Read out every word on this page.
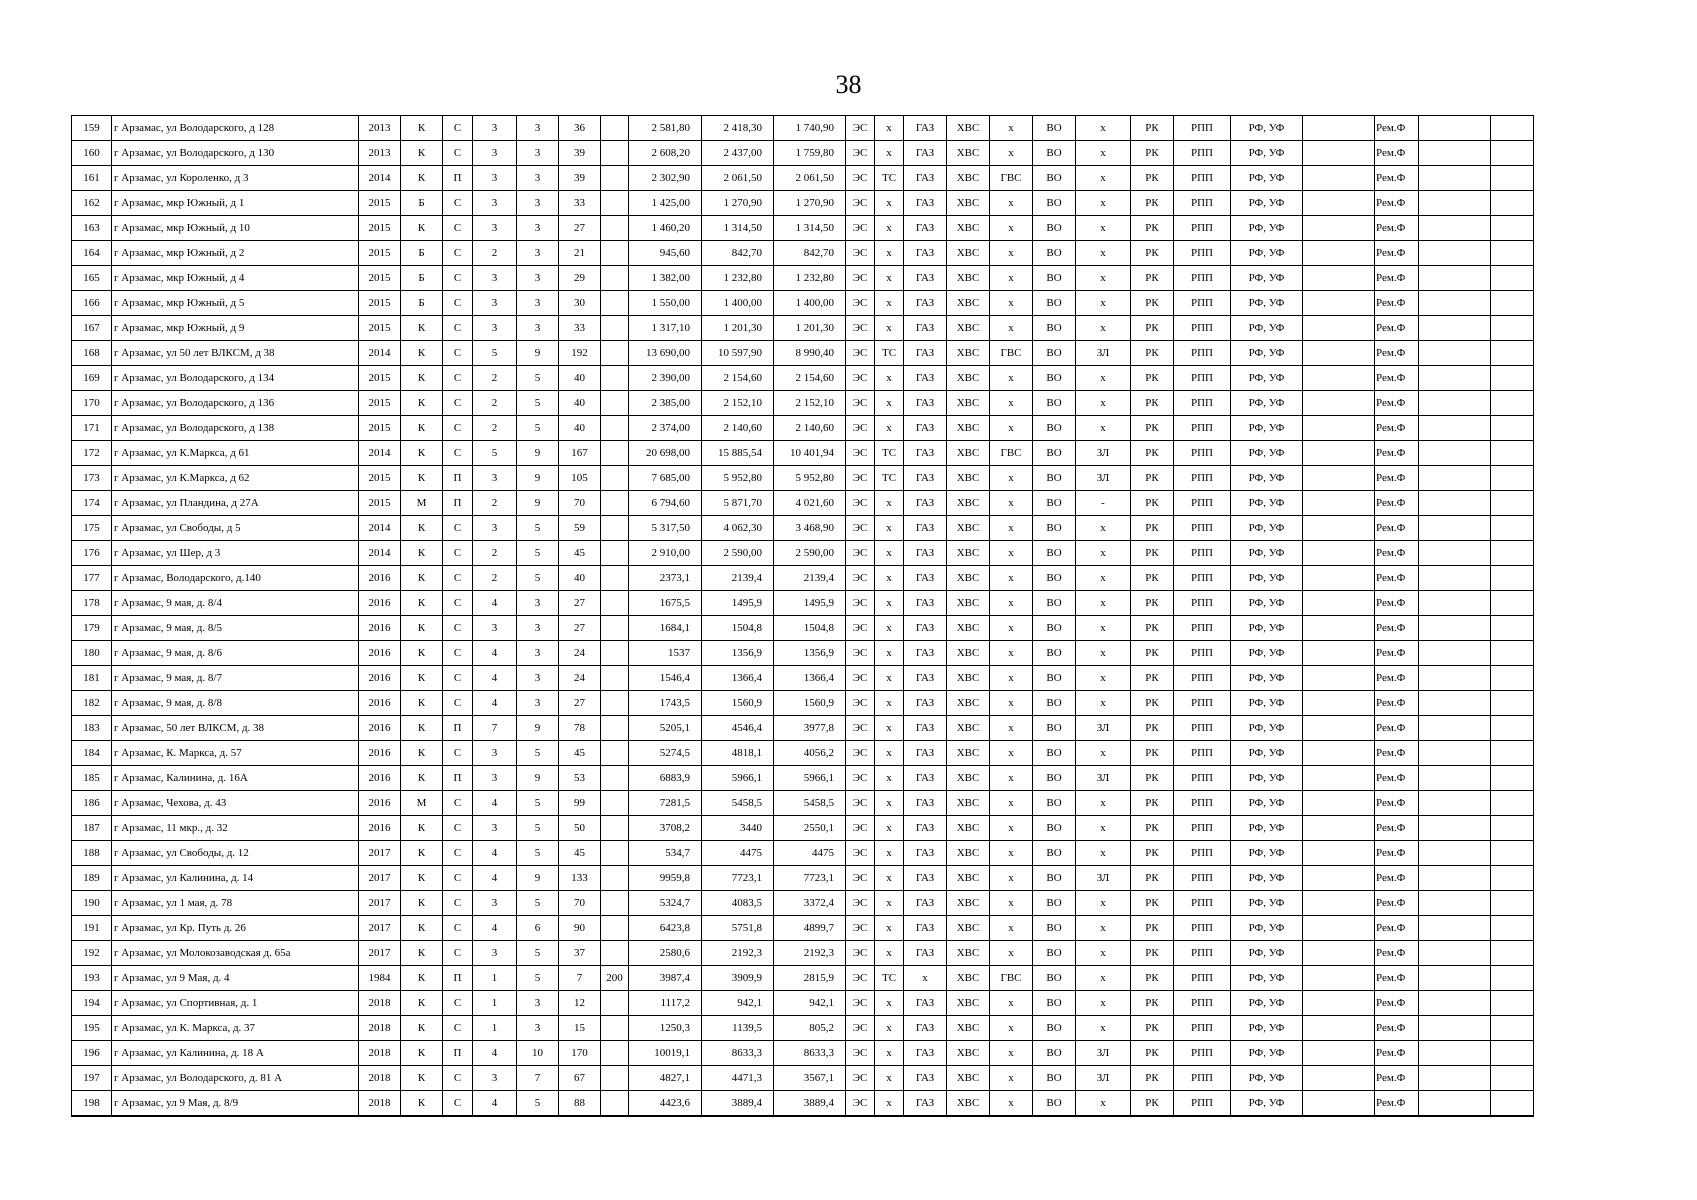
38
159	г Арзамас, ул Володарского, д 128	2013	К	С	3	3	36		2 581,80	2 418,30	1 740,90	ЭС	х	ГАЗ	ХВС	х	ВО	х	РК	РПП	РФ, УФ		Рем.Ф		
160	г Арзамас, ул Володарского, д 130	2013	К	С	3	3	39		2 608,20	2 437,00	1 759,80	ЭС	х	ГАЗ	ХВС	х	ВО	х	РК	РПП	РФ, УФ		Рем.Ф		
161	г Арзамас, ул Короленко, д 3	2014	К	П	3	3	39		2 302,90	2 061,50	2 061,50	ЭС	ТС	ГАЗ	ХВС	ГВС	ВО	х	РК	РПП	РФ, УФ		Рем.Ф		
162	г Арзамас, мкр Южный, д 1	2015	Б	С	3	3	33		1 425,00	1 270,90	1 270,90	ЭС	х	ГАЗ	ХВС	х	ВО	х	РК	РПП	РФ, УФ		Рем.Ф		
163	г Арзамас, мкр Южный, д 10	2015	К	С	3	3	27		1 460,20	1 314,50	1 314,50	ЭС	х	ГАЗ	ХВС	х	ВО	х	РК	РПП	РФ, УФ		Рем.Ф		
164	г Арзамас, мкр Южный, д 2	2015	Б	С	2	3	21		945,60	842,70	842,70	ЭС	х	ГАЗ	ХВС	х	ВО	х	РК	РПП	РФ, УФ		Рем.Ф		
165	г Арзамас, мкр Южный, д 4	2015	Б	С	3	3	29		1 382,00	1 232,80	1 232,80	ЭС	х	ГАЗ	ХВС	х	ВО	х	РК	РПП	РФ, УФ		Рем.Ф		
166	г Арзамас, мкр Южный, д 5	2015	Б	С	3	3	30		1 550,00	1 400,00	1 400,00	ЭС	х	ГАЗ	ХВС	х	ВО	х	РК	РПП	РФ, УФ		Рем.Ф		
167	г Арзамас, мкр Южный, д 9	2015	К	С	3	3	33		1 317,10	1 201,30	1 201,30	ЭС	х	ГАЗ	ХВС	х	ВО	х	РК	РПП	РФ, УФ		Рем.Ф		
168	г Арзамас, ул 50 лет ВЛКСМ, д 38	2014	К	С	5	9	192		13 690,00	10 597,90	8 990,40	ЭС	ТС	ГАЗ	ХВС	ГВС	ВО	ЗЛ	РК	РПП	РФ, УФ		Рем.Ф		
169	г Арзамас, ул Володарского, д 134	2015	К	С	2	5	40		2 390,00	2 154,60	2 154,60	ЭС	х	ГАЗ	ХВС	х	ВО	х	РК	РПП	РФ, УФ		Рем.Ф		
170	г Арзамас, ул Володарского, д 136	2015	К	С	2	5	40		2 385,00	2 152,10	2 152,10	ЭС	х	ГАЗ	ХВС	х	ВО	х	РК	РПП	РФ, УФ		Рем.Ф		
171	г Арзамас, ул Володарского, д 138	2015	К	С	2	5	40		2 374,00	2 140,60	2 140,60	ЭС	х	ГАЗ	ХВС	х	ВО	х	РК	РПП	РФ, УФ		Рем.Ф		
172	г Арзамас, ул К.Маркса, д 61	2014	К	С	5	9	167		20 698,00	15 885,54	10 401,94	ЭС	ТС	ГАЗ	ХВС	ГВС	ВО	ЗЛ	РК	РПП	РФ, УФ		Рем.Ф		
173	г Арзамас, ул К.Маркса, д 62	2015	К	П	3	9	105		7 685,00	5 952,80	5 952,80	ЭС	ТС	ГАЗ	ХВС	х	ВО	ЗЛ	РК	РПП	РФ, УФ		Рем.Ф		
174	г Арзамас, ул Пландина, д 27А	2015	М	П	2	9	70		6 794,60	5 871,70	4 021,60	ЭС	х	ГАЗ	ХВС	х	ВО	-	РК	РПП	РФ, УФ		Рем.Ф		
175	г Арзамас, ул Свободы, д 5	2014	К	С	3	5	59		5 317,50	4 062,30	3 468,90	ЭС	х	ГАЗ	ХВС	х	ВО	х	РК	РПП	РФ, УФ		Рем.Ф		
176	г Арзамас, ул Шер, д 3	2014	К	С	2	5	45		2 910,00	2 590,00	2 590,00	ЭС	х	ГАЗ	ХВС	х	ВО	х	РК	РПП	РФ, УФ		Рем.Ф		
177	г Арзамас, Володарского, д.140	2016	К	С	2	5	40		2373,1	2139,4	2139,4	ЭС	х	ГАЗ	ХВС	х	ВО	х	РК	РПП	РФ, УФ		Рем.Ф		
178	г Арзамас, 9 мая, д. 8/4	2016	К	С	4	3	27		1675,5	1495,9	1495,9	ЭС	х	ГАЗ	ХВС	х	ВО	х	РК	РПП	РФ, УФ		Рем.Ф		
179	г Арзамас, 9 мая, д. 8/5	2016	К	С	3	3	27		1684,1	1504,8	1504,8	ЭС	х	ГАЗ	ХВС	х	ВО	х	РК	РПП	РФ, УФ		Рем.Ф		
180	г Арзамас, 9 мая, д. 8/6	2016	К	С	4	3	24		1537	1356,9	1356,9	ЭС	х	ГАЗ	ХВС	х	ВО	х	РК	РПП	РФ, УФ		Рем.Ф		
181	г Арзамас, 9 мая, д. 8/7	2016	К	С	4	3	24		1546,4	1366,4	1366,4	ЭС	х	ГАЗ	ХВС	х	ВО	х	РК	РПП	РФ, УФ		Рем.Ф		
182	г Арзамас, 9 мая, д. 8/8	2016	К	С	4	3	27		1743,5	1560,9	1560,9	ЭС	х	ГАЗ	ХВС	х	ВО	х	РК	РПП	РФ, УФ		Рем.Ф		
183	г Арзамас, 50 лет ВЛКСМ, д. 38	2016	К	П	7	9	78		5205,1	4546,4	3977,8	ЭС	х	ГАЗ	ХВС	х	ВО	ЗЛ	РК	РПП	РФ, УФ		Рем.Ф		
184	г Арзамас, К. Маркса, д. 57	2016	К	С	3	5	45		5274,5	4818,1	4056,2	ЭС	х	ГАЗ	ХВС	х	ВО	х	РК	РПП	РФ, УФ		Рем.Ф		
185	г Арзамас, Калинина, д. 16А	2016	К	П	3	9	53		6883,9	5966,1	5966,1	ЭС	х	ГАЗ	ХВС	х	ВО	ЗЛ	РК	РПП	РФ, УФ		Рем.Ф		
186	г Арзамас, Чехова, д. 43	2016	М	С	4	5	99		7281,5	5458,5	5458,5	ЭС	х	ГАЗ	ХВС	х	ВО	х	РК	РПП	РФ, УФ		Рем.Ф		
187	г Арзамас, 11 мкр., д. 32	2016	К	С	3	5	50		3708,2	3440	2550,1	ЭС	х	ГАЗ	ХВС	х	ВО	х	РК	РПП	РФ, УФ		Рем.Ф		
188	г Арзамас, ул Свободы, д. 12	2017	К	С	4	5	45		534,7	4475	4475	ЭС	х	ГАЗ	ХВС	х	ВО	х	РК	РПП	РФ, УФ		Рем.Ф		
189	г Арзамас, ул Калинина, д. 14	2017	К	С	4	9	133		9959,8	7723,1	7723,1	ЭС	х	ГАЗ	ХВС	х	ВО	ЗЛ	РК	РПП	РФ, УФ		Рем.Ф		
190	г Арзамас, ул 1 мая, д. 78	2017	К	С	3	5	70		5324,7	4083,5	3372,4	ЭС	х	ГАЗ	ХВС	х	ВО	х	РК	РПП	РФ, УФ		Рем.Ф		
191	г Арзамас, ул Кр. Путь д. 26	2017	К	С	4	6	90		6423,8	5751,8	4899,7	ЭС	х	ГАЗ	ХВС	х	ВО	х	РК	РПП	РФ, УФ		Рем.Ф		
192	г Арзамас, ул Молокозаводская д. 65а	2017	К	С	3	5	37		2580,6	2192,3	2192,3	ЭС	х	ГАЗ	ХВС	х	ВО	х	РК	РПП	РФ, УФ		Рем.Ф		
193	г Арзамас, ул 9 Мая, д. 4	1984	К	П	1	5	7	200	3987,4	3909,9	2815,9	ЭС	ТС	х	ХВС	ГВС	ВО	х	РК	РПП	РФ, УФ		Рем.Ф		
194	г Арзамас, ул Спортивная, д. 1	2018	К	С	1	3	12		1117,2	942,1	942,1	ЭС	х	ГАЗ	ХВС	х	ВО	х	РК	РПП	РФ, УФ		Рем.Ф		
195	г Арзамас, ул К. Маркса, д. 37	2018	К	С	1	3	15		1250,3	1139,5	805,2	ЭС	х	ГАЗ	ХВС	х	ВО	х	РК	РПП	РФ, УФ		Рем.Ф		
196	г Арзамас, ул Калинина, д. 18 А	2018	К	П	4	10	170		10019,1	8633,3	8633,3	ЭС	х	ГАЗ	ХВС	х	ВО	ЗЛ	РК	РПП	РФ, УФ		Рем.Ф		
197	г Арзамас, ул Володарского, д. 81 А	2018	К	С	3	7	67		4827,1	4471,3	3567,1	ЭС	х	ГАЗ	ХВС	х	ВО	ЗЛ	РК	РПП	РФ, УФ		Рем.Ф		
198	г Арзамас, ул 9 Мая, д. 8/9	2018	К	С	4	5	88		4423,6	3889,4	3889,4	ЭС	х	ГАЗ	ХВС	х	ВО	х	РК	РПП	РФ, УФ		Рем.Ф		
